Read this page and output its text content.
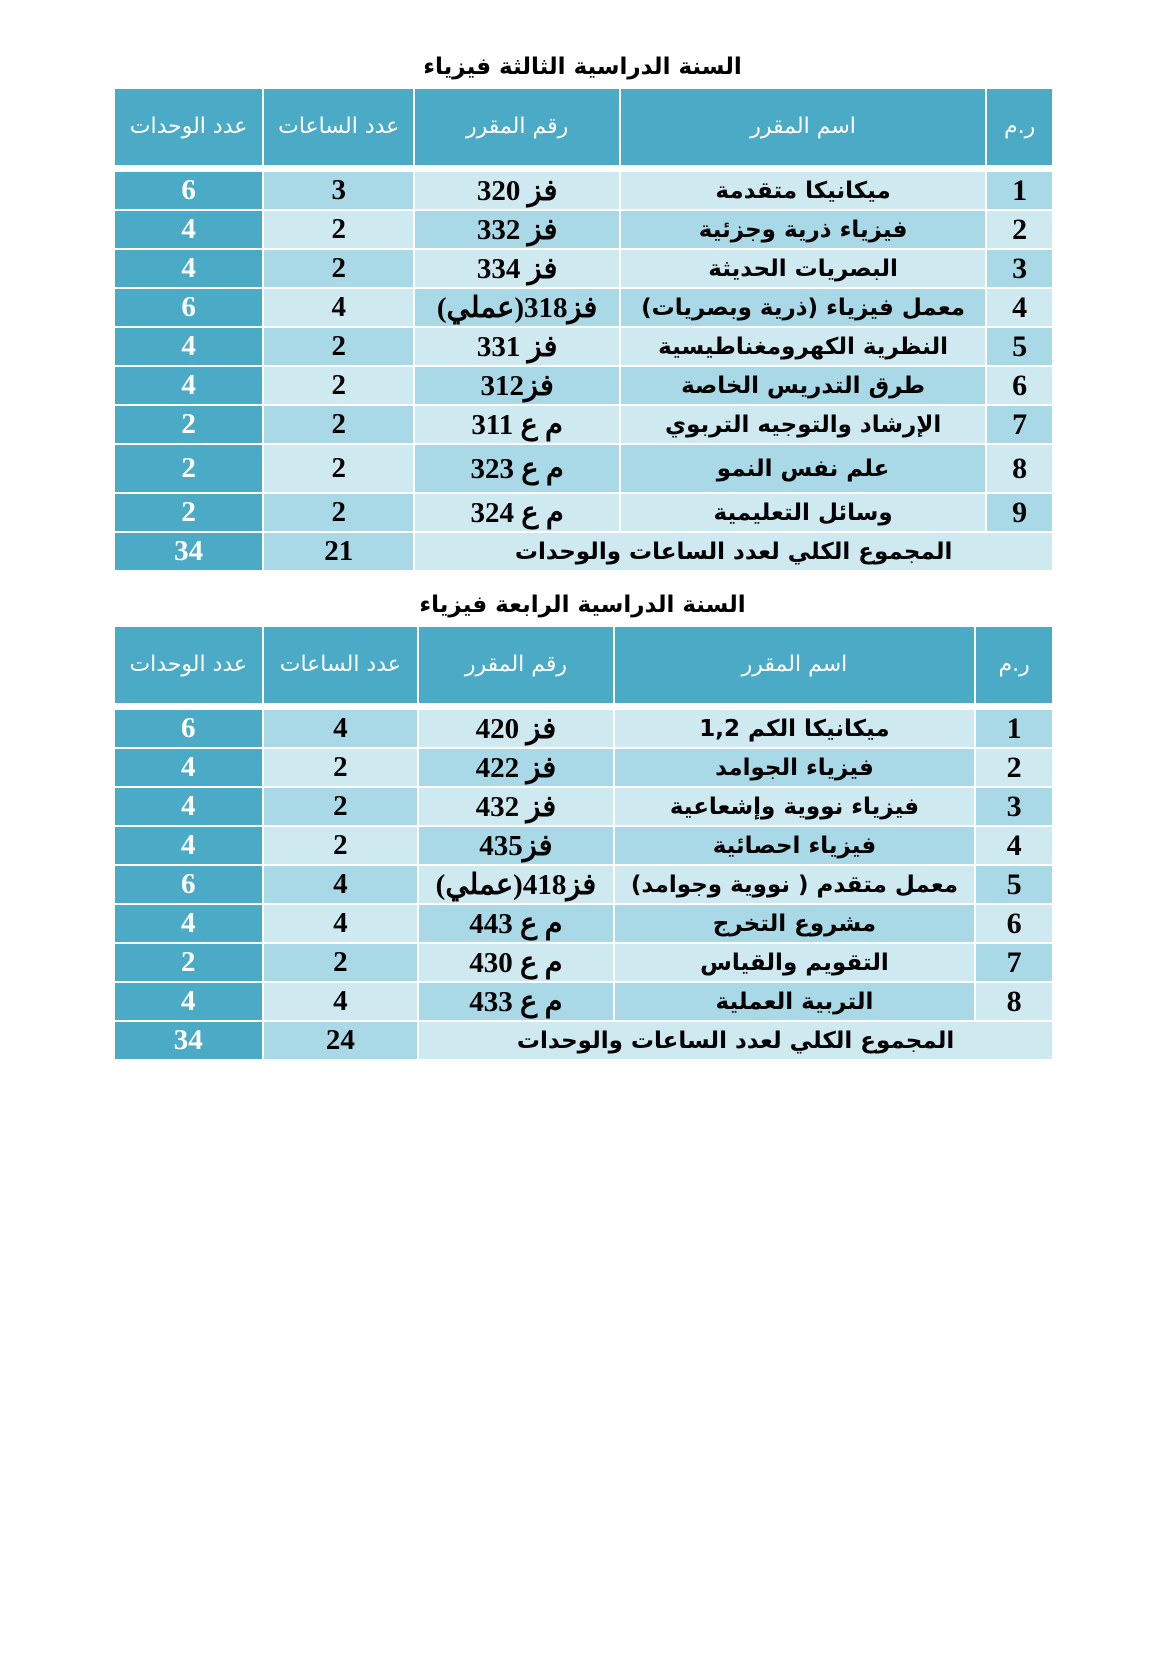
السنة الدراسية الثالثة فيزياء
ر.م	اسم المقرر	رقم المقرر	عدد الساعات	عدد الوحدات

1	ميكانيكا متقدمة	فز 320	3	6
2	فيزياء ذرية وجزئية	فز 332	2	4
3	البصريات الحديثة	فز 334	2	4
4	معمل فيزياء (ذرية وبصريات)	فز318(عملي)	4	6
5	النظرية الكهرومغناطيسية	فز 331	2	4
6	طرق التدريس الخاصة	فز312	2	4
7	الإرشاد والتوجيه التربوي	م ع 311	2	2
8	علم نفس النمو	م ع 323	2	2
9	وسائل التعليمية	م ع 324	2	2
المجموع الكلي لعدد الساعات والوحدات			21	34
السنة الدراسية الرابعة فيزياء
ر.م	اسم المقرر	رقم المقرر	عدد الساعات	عدد الوحدات

1	ميكانيكا الكم 1,2	فز 420	4	6
2	فيزياء الجوامد	فز 422	2	4
3	فيزياء نووية وإشعاعية	فز 432	2	4
4	فيزياء احصائية	فز435	2	4
5	معمل متقدم ( نووية وجوامد)	فز418(عملي)	4	6
6	مشروع التخرج	م ع 443	4	4
7	التقويم والقياس	م ع 430	2	2
8	التربية العملية	م ع 433	4	4
المجموع الكلي لعدد الساعات والوحدات			24	34
